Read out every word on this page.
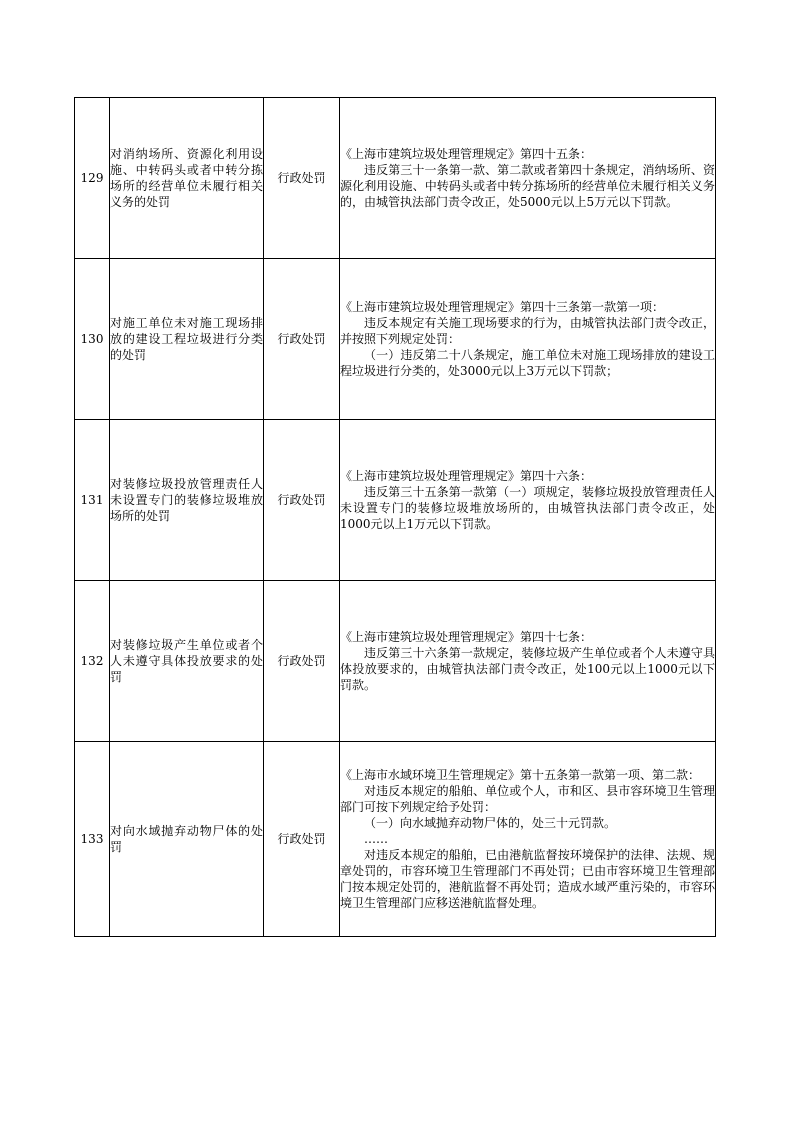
129	对消纳场所、资源化利用设施、中转码头或者中转分拣场所的经营单位未履行相关义务的处罚	行政处罚	《上海市建筑垃圾处理管理规定》第四十五条：
违反第三十一条第一款、第二款或者第四十条规定，消纳场所、资源化利用设施、中转码头或者中转分拣场所的经营单位未履行相关义务的，由城管执法部门责令改正，处5000元以上5万元以下罚款。

130	对施工单位未对施工现场排放的建设工程垃圾进行分类的处罚	行政处罚	《上海市建筑垃圾处理管理规定》第四十三条第一款第一项：
违反本规定有关施工现场要求的行为，由城管执法部门责令改正，并按照下列规定处罚：
（一）违反第二十八条规定，施工单位未对施工现场排放的建设工程垃圾进行分类的，处3000元以上3万元以下罚款；

131	对装修垃圾投放管理责任人未设置专门的装修垃圾堆放场所的处罚	行政处罚	《上海市建筑垃圾处理管理规定》第四十六条：
违反第三十五条第一款第（一）项规定，装修垃圾投放管理责任人未设置专门的装修垃圾堆放场所的，由城管执法部门责令改正，处1000元以上1万元以下罚款。

132	对装修垃圾产生单位或者个人未遵守具体投放要求的处罚	行政处罚	《上海市建筑垃圾处理管理规定》第四十七条：
违反第三十六条第一款规定，装修垃圾产生单位或者个人未遵守具体投放要求的，由城管执法部门责令改正，处100元以上1000元以下罚款。

133	对向水域抛弃动物尸体的处罚	行政处罚	《上海市水域环境卫生管理规定》第十五条第一款第一项、第二款：
对违反本规定的船舶、单位或个人，市和区、县市容环境卫生管理部门可按下列规定给予处罚：
（一）向水域抛弃动物尸体的，处三十元罚款。
……
对违反本规定的船舶，已由港航监督按环境保护的法律、法规、规章处罚的，市容环境卫生管理部门不再处罚；已由市容环境卫生管理部门按本规定处罚的，港航监督不再处罚；造成水域严重污染的，市容环境卫生管理部门应移送港航监督处理。
